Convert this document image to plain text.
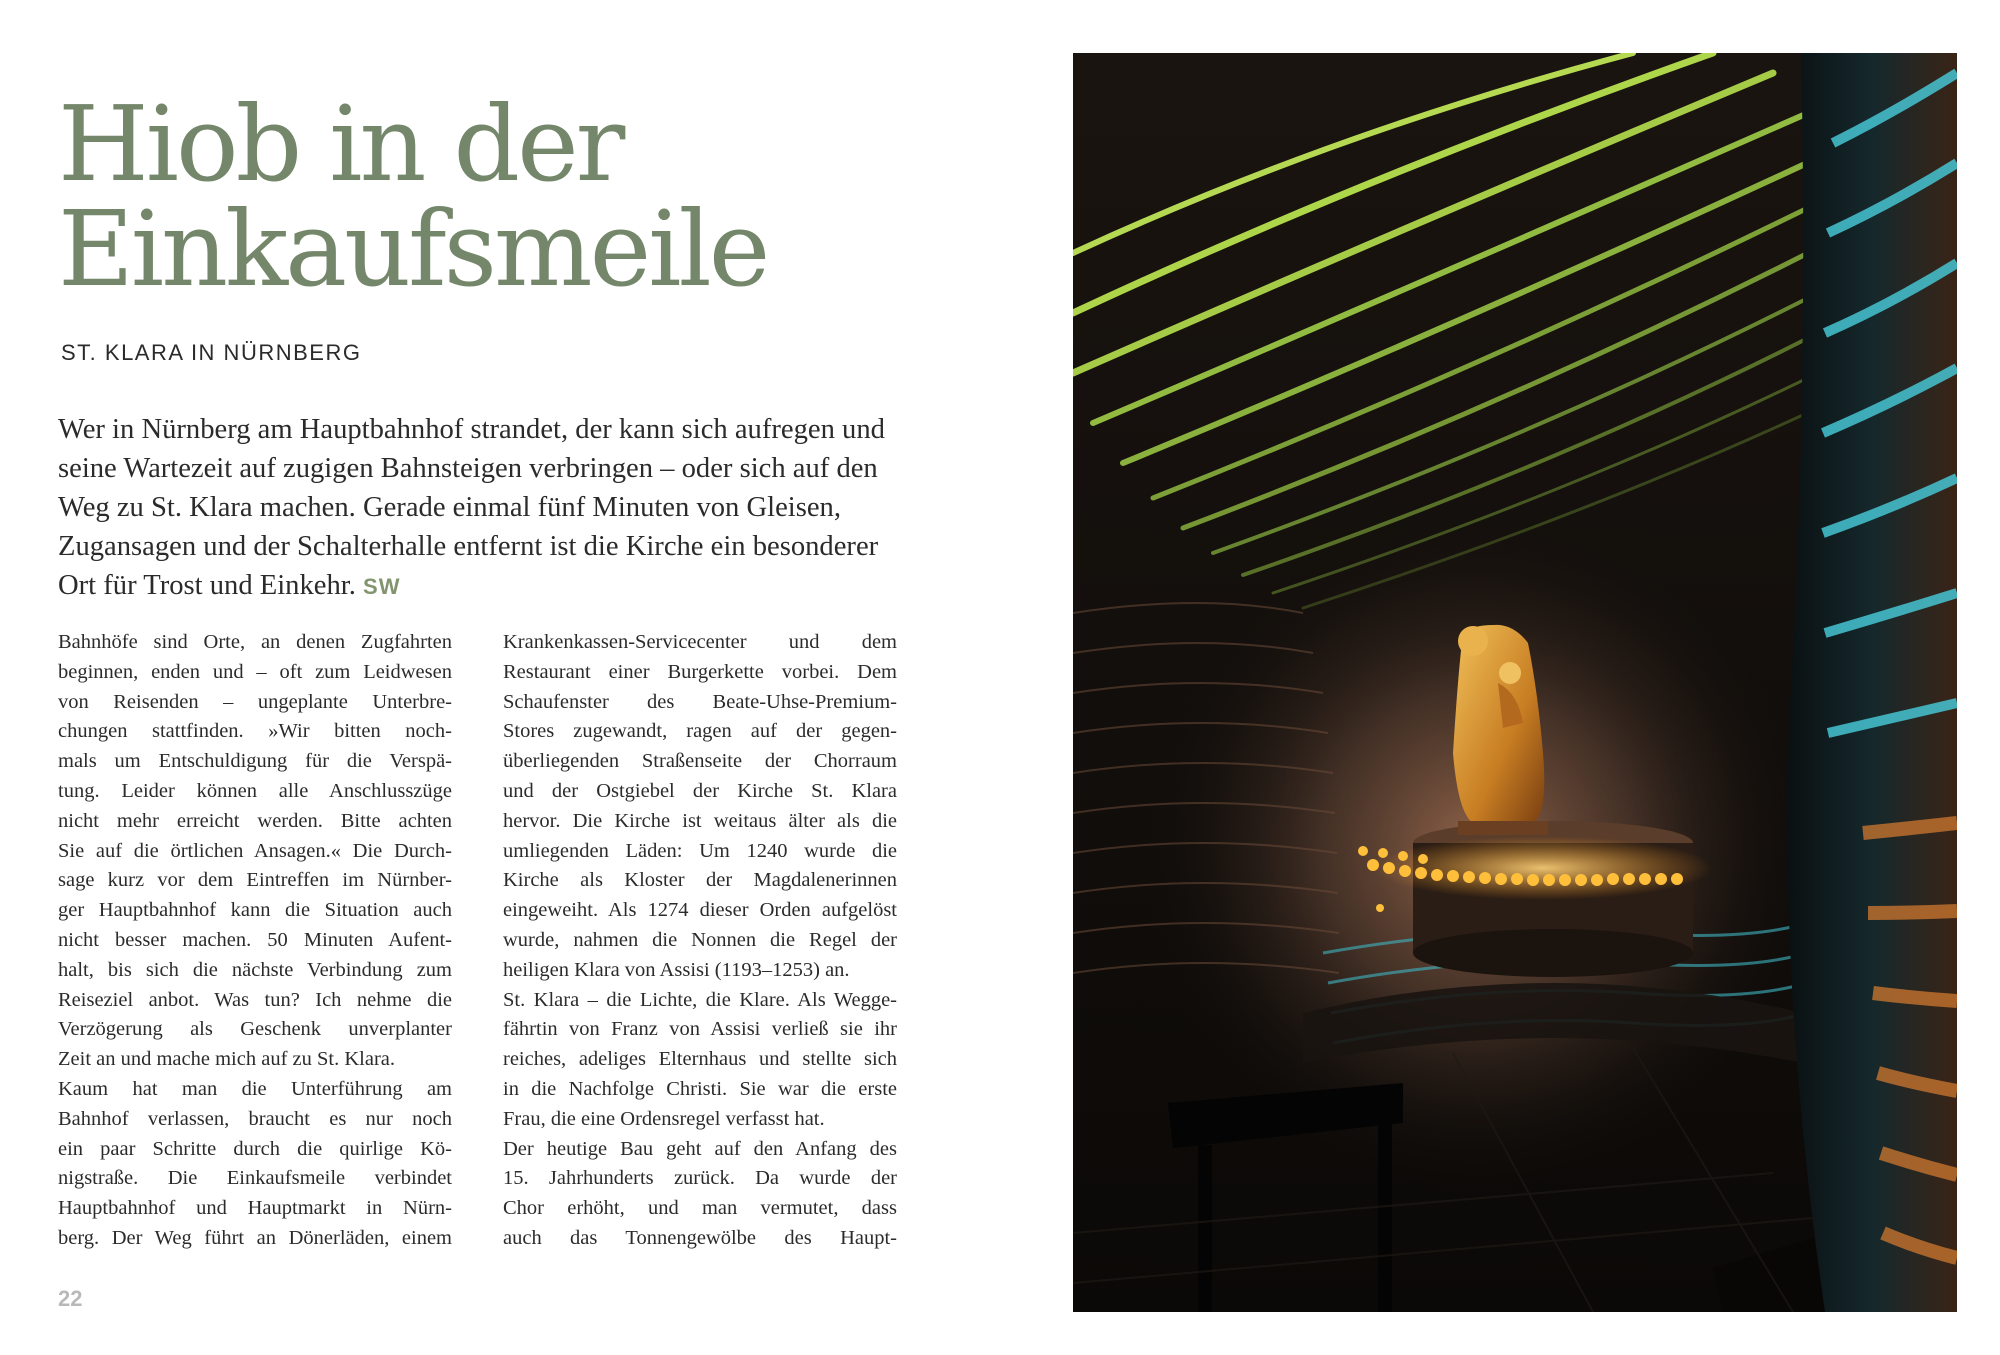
Hiob in der
Einkaufsmeile
ST. KLARA IN NÜRNBERG

Wer in Nürnberg am Hauptbahnhof strandet, der kann sich aufregen und seine Wartezeit auf zugigen Bahnsteigen verbringen – oder sich auf den Weg zu St. Klara machen. Gerade einmal fünf Minuten von Gleisen, Zugansagen und der Schalterhalle entfernt ist die Kirche ein besonderer Ort für Trost und Einkehr. SW

Bahnhöfe sind Orte, an denen Zugfahrten
beginnen, enden und – oft zum Leidwesen
von Reisenden – ungeplante Unterbre-
chungen stattfinden. »Wir bitten noch-
mals um Entschuldigung für die Verspä-
tung. Leider können alle Anschlusszüge
nicht mehr erreicht werden. Bitte achten
Sie auf die örtlichen Ansagen.« Die Durch-
sage kurz vor dem Eintreffen im Nürnber-
ger Hauptbahnhof kann die Situation auch
nicht besser machen. 50 Minuten Aufent-
halt, bis sich die nächste Verbindung zum
Reiseziel anbot. Was tun? Ich nehme die
Verzögerung als Geschenk unverplanter
Zeit an und mache mich auf zu St. Klara.
Kaum hat man die Unterführung am
Bahnhof verlassen, braucht es nur noch
ein paar Schritte durch die quirlige Kö-
nigstraße. Die Einkaufsmeile verbindet
Hauptbahnhof und Hauptmarkt in Nürn-
berg. Der Weg führt an Dönerläden, einem
Krankenkassen-Servicecenter und dem
Restaurant einer Burgerkette vorbei. Dem
Schaufenster des Beate-Uhse-Premium-
Stores zugewandt, ragen auf der gegen-
überliegenden Straßenseite der Chorraum
und der Ostgiebel der Kirche St. Klara
hervor. Die Kirche ist weitaus älter als die
umliegenden Läden: Um 1240 wurde die
Kirche als Kloster der Magdalenerinnen
eingeweiht. Als 1274 dieser Orden aufgelöst
wurde, nahmen die Nonnen die Regel der
heiligen Klara von Assisi (1193–1253) an.
St. Klara – die Lichte, die Klare. Als Wegge-
fährtin von Franz von Assisi verließ sie ihr
reiches, adeliges Elternhaus und stellte sich
in die Nachfolge Christi. Sie war die erste
Frau, die eine Ordensregel verfasst hat.
Der heutige Bau geht auf den Anfang des
15. Jahrhunderts zurück. Da wurde der
Chor erhöht, und man vermutet, dass
auch das Tonnengewölbe des Haupt-
22
